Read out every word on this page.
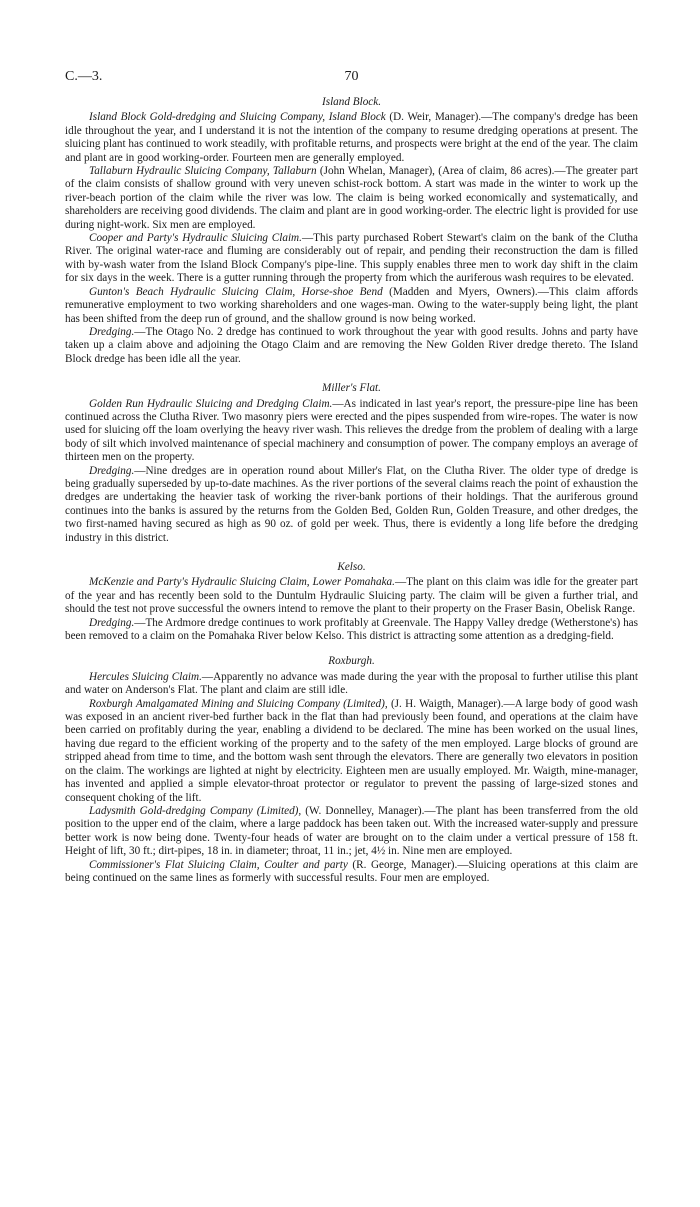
C.—3.	70
Island Block.

Island Block Gold-dredging and Sluicing Company, Island Block (D. Weir, Manager).—The company's dredge has been idle throughout the year, and I understand it is not the intention of the company to resume dredging operations at present. The sluicing plant has continued to work steadily, with profitable returns, and prospects were bright at the end of the year. The claim and plant are in good working-order. Fourteen men are generally employed.

Tallaburn Hydraulic Sluicing Company, Tallaburn (John Whelan, Manager), (Area of claim, 86 acres).—The greater part of the claim consists of shallow ground with very uneven schist-rock bottom. A start was made in the winter to work up the river-beach portion of the claim while the river was low. The claim is being worked economically and systematically, and shareholders are receiving good dividends. The claim and plant are in good working-order. The electric light is provided for use during night-work. Six men are employed.

Cooper and Party's Hydraulic Sluicing Claim.—This party purchased Robert Stewart's claim on the bank of the Clutha River. The original water-race and fluming are considerably out of repair, and pending their reconstruction the dam is filled with by-wash water from the Island Block Company's pipe-line. This supply enables three men to work day shift in the claim for six days in the week. There is a gutter running through the property from which the auriferous wash requires to be elevated.

Gunton's Beach Hydraulic Sluicing Claim, Horse-shoe Bend (Madden and Myers, Owners).—This claim affords remunerative employment to two working shareholders and one wages-man. Owing to the water-supply being light, the plant has been shifted from the deep run of ground, and the shallow ground is now being worked.

Dredging.—The Otago No. 2 dredge has continued to work throughout the year with good results. Johns and party have taken up a claim above and adjoining the Otago Claim and are removing the New Golden River dredge thereto. The Island Block dredge has been idle all the year.

Miller's Flat.

Golden Run Hydraulic Sluicing and Dredging Claim.—As indicated in last year's report, the pressure-pipe line has been continued across the Clutha River. Two masonry piers were erected and the pipes suspended from wire-ropes. The water is now used for sluicing off the loam overlying the heavy river wash. This relieves the dredge from the problem of dealing with a large body of silt which involved maintenance of special machinery and consumption of power. The company employs an average of thirteen men on the property.

Dredging.—Nine dredges are in operation round about Miller's Flat, on the Clutha River. The older type of dredge is being gradually superseded by up-to-date machines. As the river portions of the several claims reach the point of exhaustion the dredges are undertaking the heavier task of working the river-bank portions of their holdings. That the auriferous ground continues into the banks is assured by the returns from the Golden Bed, Golden Run, Golden Treasure, and other dredges, the two first-named having secured as high as 90 oz. of gold per week. Thus, there is evidently a long life before the dredging industry in this district.

Kelso.

McKenzie and Party's Hydraulic Sluicing Claim, Lower Pomahaka.—The plant on this claim was idle for the greater part of the year and has recently been sold to the Duntulm Hydraulic Sluicing party. The claim will be given a further trial, and should the test not prove successful the owners intend to remove the plant to their property on the Fraser Basin, Obelisk Range.

Dredging.—The Ardmore dredge continues to work profitably at Greenvale. The Happy Valley dredge (Wetherstone's) has been removed to a claim on the Pomahaka River below Kelso. This district is attracting some attention as a dredging-field.

Roxburgh.

Hercules Sluicing Claim.—Apparently no advance was made during the year with the proposal to further utilise this plant and water on Anderson's Flat. The plant and claim are still idle.

Roxburgh Amalgamated Mining and Sluicing Company (Limited), (J. H. Waigth, Manager).—A large body of good wash was exposed in an ancient river-bed further back in the flat than had previously been found, and operations at the claim have been carried on profitably during the year, enabling a dividend to be declared. The mine has been worked on the usual lines, having due regard to the efficient working of the property and to the safety of the men employed. Large blocks of ground are stripped ahead from time to time, and the bottom wash sent through the elevators. There are generally two elevators in position on the claim. The workings are lighted at night by electricity. Eighteen men are usually employed. Mr. Waigth, mine-manager, has invented and applied a simple elevator-throat protector or regulator to prevent the passing of large-sized stones and consequent choking of the lift.

Ladysmith Gold-dredging Company (Limited), (W. Donnelley, Manager).—The plant has been transferred from the old position to the upper end of the claim, where a large paddock has been taken out. With the increased water-supply and pressure better work is now being done. Twenty-four heads of water are brought on to the claim under a vertical pressure of 158 ft. Height of lift, 30 ft.; dirt-pipes, 18 in. in diameter; throat, 11 in.; jet, 4½ in. Nine men are employed.

Commissioner's Flat Sluicing Claim, Coulter and party (R. George, Manager).—Sluicing operations at this claim are being continued on the same lines as formerly with successful results. Four men are employed.
